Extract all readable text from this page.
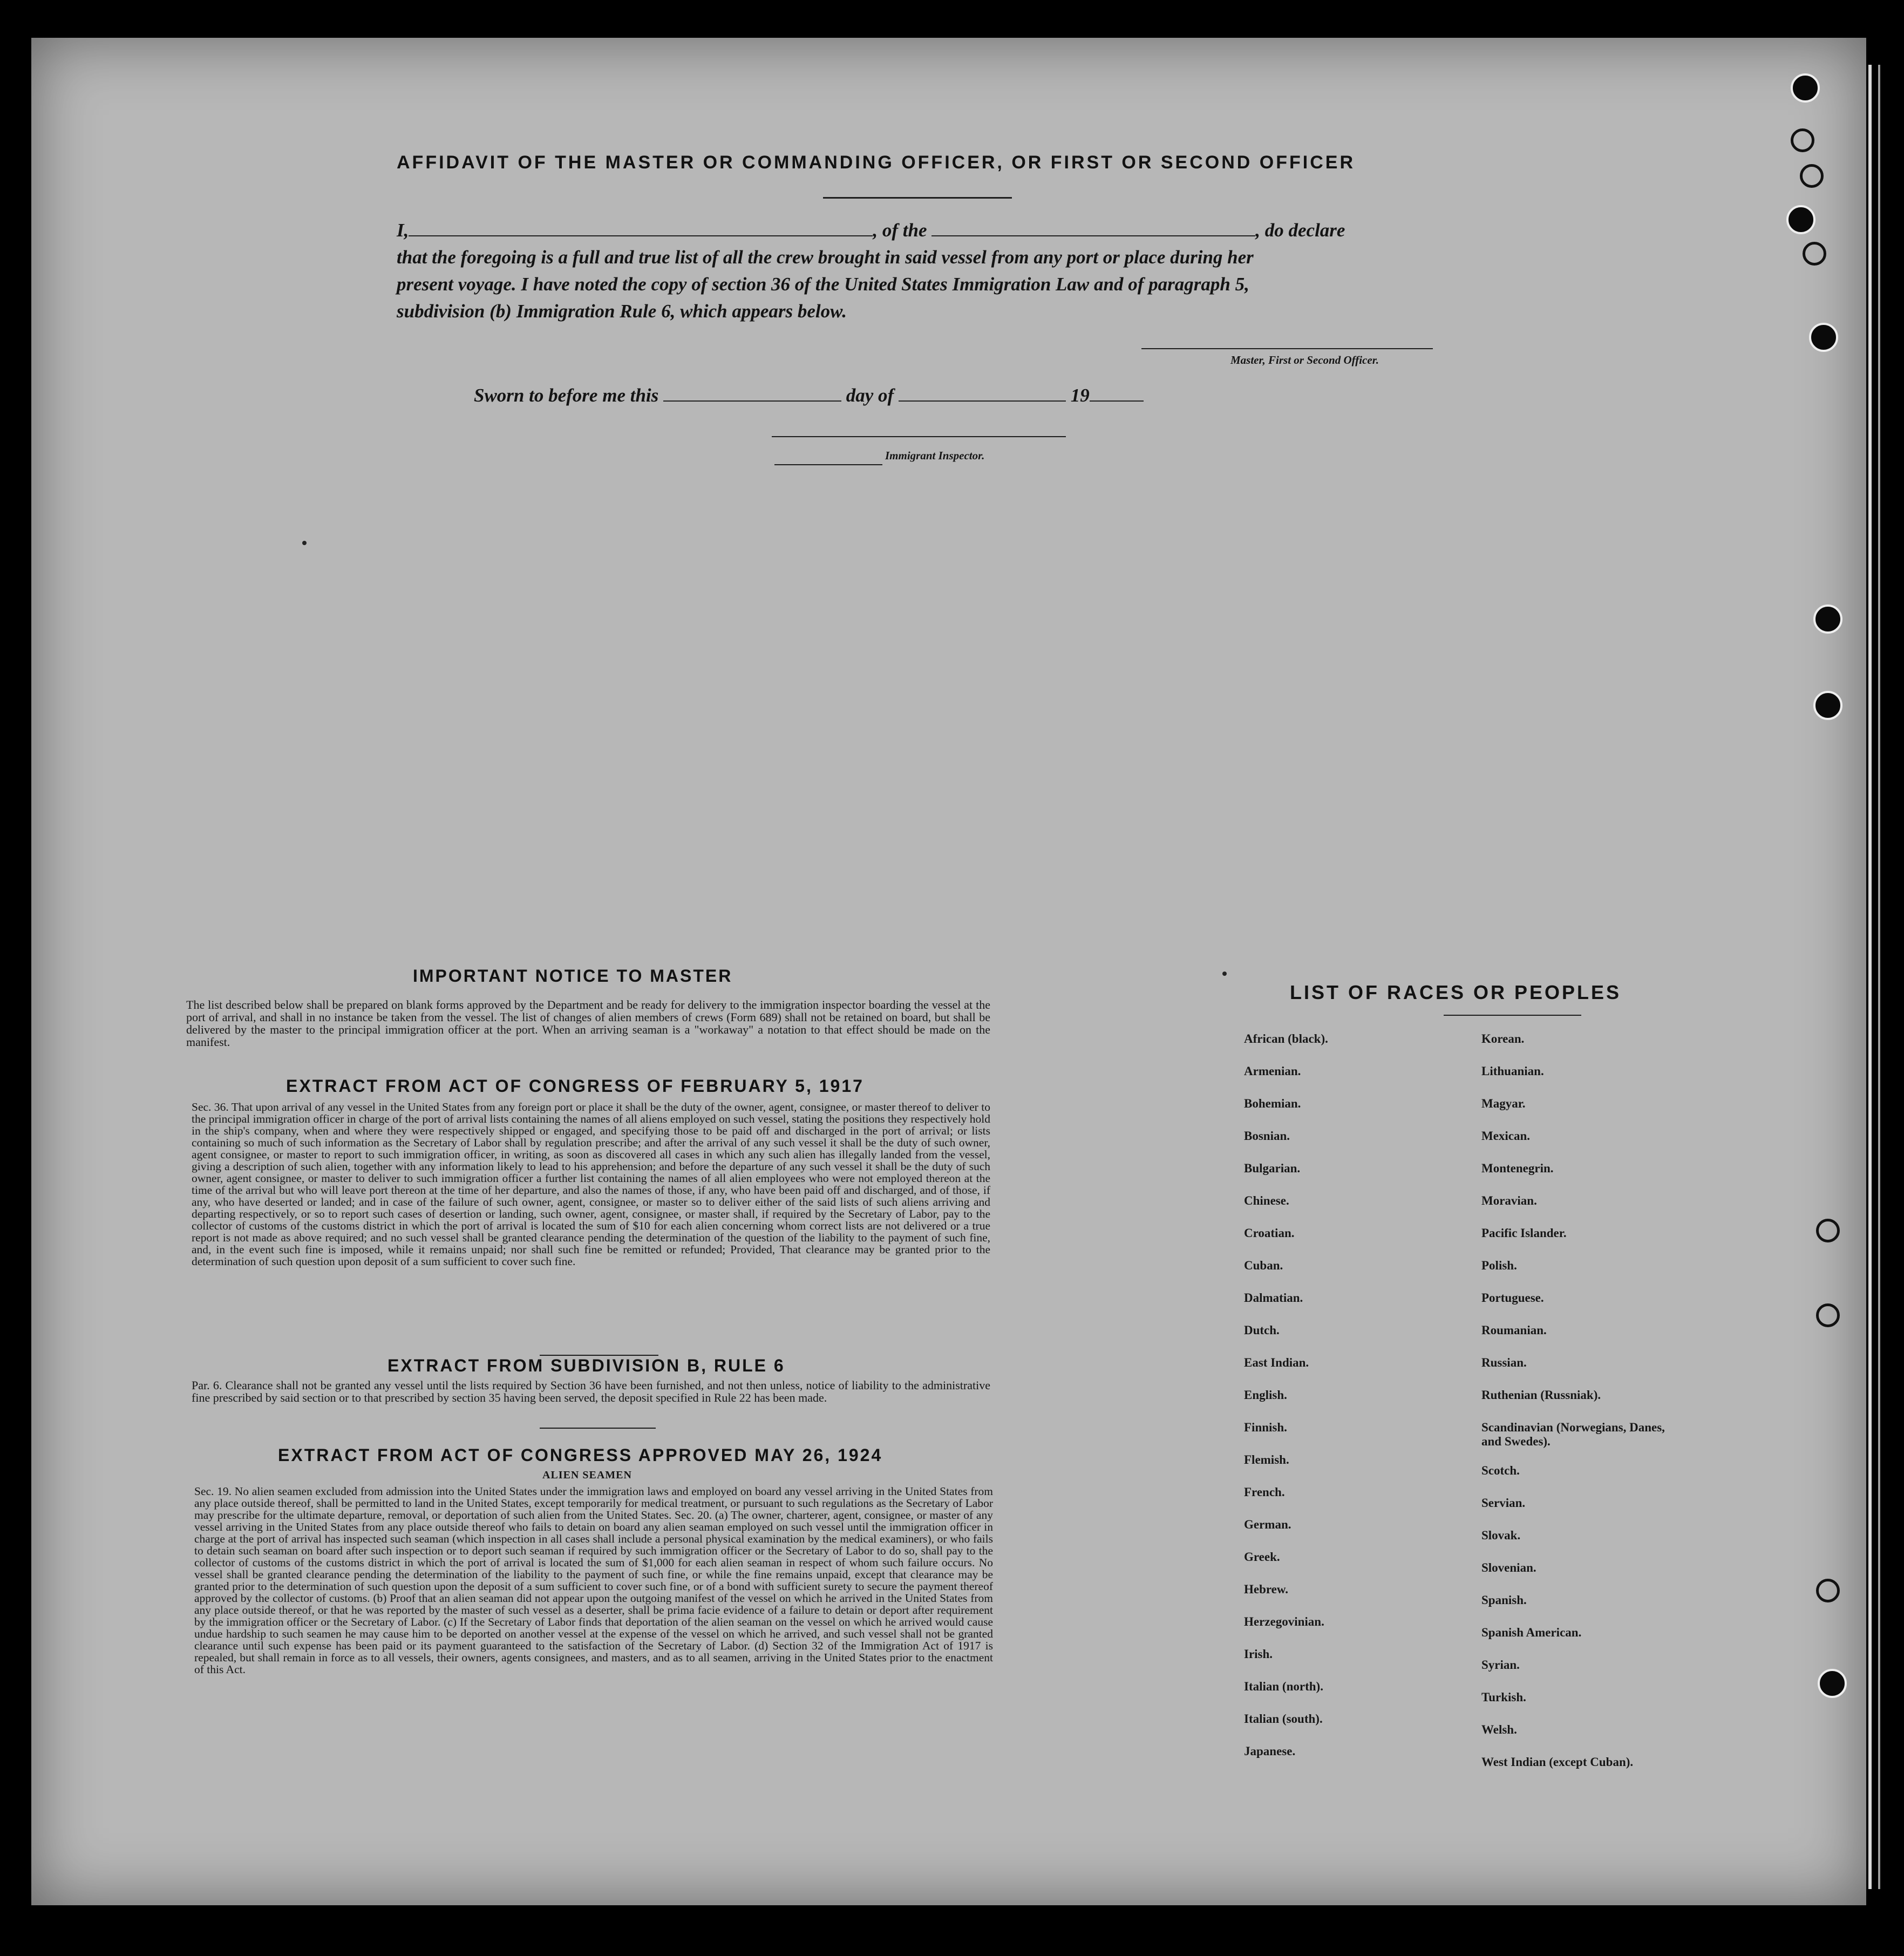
AFFIDAVIT OF THE MASTER OR COMMANDING OFFICER, OR FIRST OR SECOND OFFICER
I,	, of the	, do declare
that the foregoing is a full and true list of all the crew brought in said vessel from any port or place during her
present voyage. I have noted the copy of section 36 of the United States Immigration Law and of paragraph 5,
subdivision (b) Immigration Rule 6, which appears below.
Master, First or Second Officer.
Sworn to before me this	day of	19
Immigrant Inspector.
IMPORTANT NOTICE TO MASTER
The list described below shall be prepared on blank forms approved by the Department and be ready for delivery to the immigration inspector boarding the vessel at the port of arrival, and shall in no instance be taken from the vessel. The list of changes of alien members of crews (Form 689) shall not be retained on board, but shall be delivered by the master to the principal immigration officer at the port. When an arriving seaman is a "workaway" a notation to that effect should be made on the manifest.
EXTRACT FROM ACT OF CONGRESS OF FEBRUARY 5, 1917
Sec. 36. That upon arrival of any vessel in the United States from any foreign port or place it shall be the duty of the owner, agent, consignee, or master thereof to deliver to the principal immigration officer in charge of the port of arrival lists containing the names of all aliens employed on such vessel, stating the positions they respectively hold in the ship's company, when and where they were respectively shipped or engaged, and specifying those to be paid off and discharged in the port of arrival; or lists containing so much of such information as the Secretary of Labor shall by regulation prescribe; and after the arrival of any such vessel it shall be the duty of such owner, agent consignee, or master to report to such immigration officer, in writing, as soon as discovered all cases in which any such alien has illegally landed from the vessel, giving a description of such alien, together with any information likely to lead to his apprehension; and before the departure of any such vessel it shall be the duty of such owner, agent consignee, or master to deliver to such immigration officer a further list containing the names of all alien employees who were not employed thereon at the time of the arrival but who will leave port thereon at the time of her departure, and also the names of those, if any, who have been paid off and discharged, and of those, if any, who have deserted or landed; and in case of the failure of such owner, agent, consignee, or master so to deliver either of the said lists of such aliens arriving and departing respectively, or so to report such cases of desertion or landing, such owner, agent, consignee, or master shall, if required by the Secretary of Labor, pay to the collector of customs of the customs district in which the port of arrival is located the sum of $10 for each alien concerning whom correct lists are not delivered or a true report is not made as above required; and no such vessel shall be granted clearance pending the determination of the question of the liability to the payment of such fine, and, in the event such fine is imposed, while it remains unpaid; nor shall such fine be remitted or refunded; Provided, That clearance may be granted prior to the determination of such question upon deposit of a sum sufficient to cover such fine.
EXTRACT FROM SUBDIVISION B, RULE 6
Par. 6. Clearance shall not be granted any vessel until the lists required by Section 36 have been furnished, and not then unless, notice of liability to the administrative fine prescribed by said section or to that prescribed by section 35 having been served, the deposit specified in Rule 22 has been made.
EXTRACT FROM ACT OF CONGRESS APPROVED MAY 26, 1924
ALIEN SEAMEN
Sec. 19. No alien seamen excluded from admission into the United States under the immigration laws and employed on board any vessel arriving in the United States from any place outside thereof, shall be permitted to land in the United States, except temporarily for medical treatment, or pursuant to such regulations as the Secretary of Labor may prescribe for the ultimate departure, removal, or deportation of such alien from the United States. Sec. 20. (a) The owner, charterer, agent, consignee, or master of any vessel arriving in the United States from any place outside thereof who fails to detain on board any alien seaman employed on such vessel until the immigration officer in charge at the port of arrival has inspected such seaman (which inspection in all cases shall include a personal physical examination by the medical examiners), or who fails to detain such seaman on board after such inspection or to deport such seaman if required by such immigration officer or the Secretary of Labor to do so, shall pay to the collector of customs of the customs district in which the port of arrival is located the sum of $1,000 for each alien seaman in respect of whom such failure occurs. No vessel shall be granted clearance pending the determination of the liability to the payment of such fine, or while the fine remains unpaid, except that clearance may be granted prior to the determination of such question upon the deposit of a sum sufficient to cover such fine, or of a bond with sufficient surety to secure the payment thereof approved by the collector of customs. (b) Proof that an alien seaman did not appear upon the outgoing manifest of the vessel on which he arrived in the United States from any place outside thereof, or that he was reported by the master of such vessel as a deserter, shall be prima facie evidence of a failure to detain or deport after requirement by the immigration officer or the Secretary of Labor. (c) If the Secretary of Labor finds that deportation of the alien seaman on the vessel on which he arrived would cause undue hardship to such seamen he may cause him to be deported on another vessel at the expense of the vessel on which he arrived, and such vessel shall not be granted clearance until such expense has been paid or its payment guaranteed to the satisfaction of the Secretary of Labor. (d) Section 32 of the Immigration Act of 1917 is repealed, but shall remain in force as to all vessels, their owners, agents consignees, and masters, and as to all seamen, arriving in the United States prior to the enactment of this Act.
LIST OF RACES OR PEOPLES
African (black).
Armenian.
Bohemian.
Bosnian.
Bulgarian.
Chinese.
Croatian.
Cuban.
Dalmatian.
Dutch.
East Indian.
English.
Finnish.
Flemish.
French.
German.
Greek.
Hebrew.
Herzegovinian.
Irish.
Italian (north).
Italian (south).
Japanese.
Korean.
Lithuanian.
Magyar.
Mexican.
Montenegrin.
Moravian.
Pacific Islander.
Polish.
Portuguese.
Roumanian.
Russian.
Ruthenian (Russniak).
Scandinavian (Norwegians, Danes, and Swedes).
Scotch.
Servian.
Slovak.
Slovenian.
Spanish.
Spanish American.
Syrian.
Turkish.
Welsh.
West Indian (except Cuban).
